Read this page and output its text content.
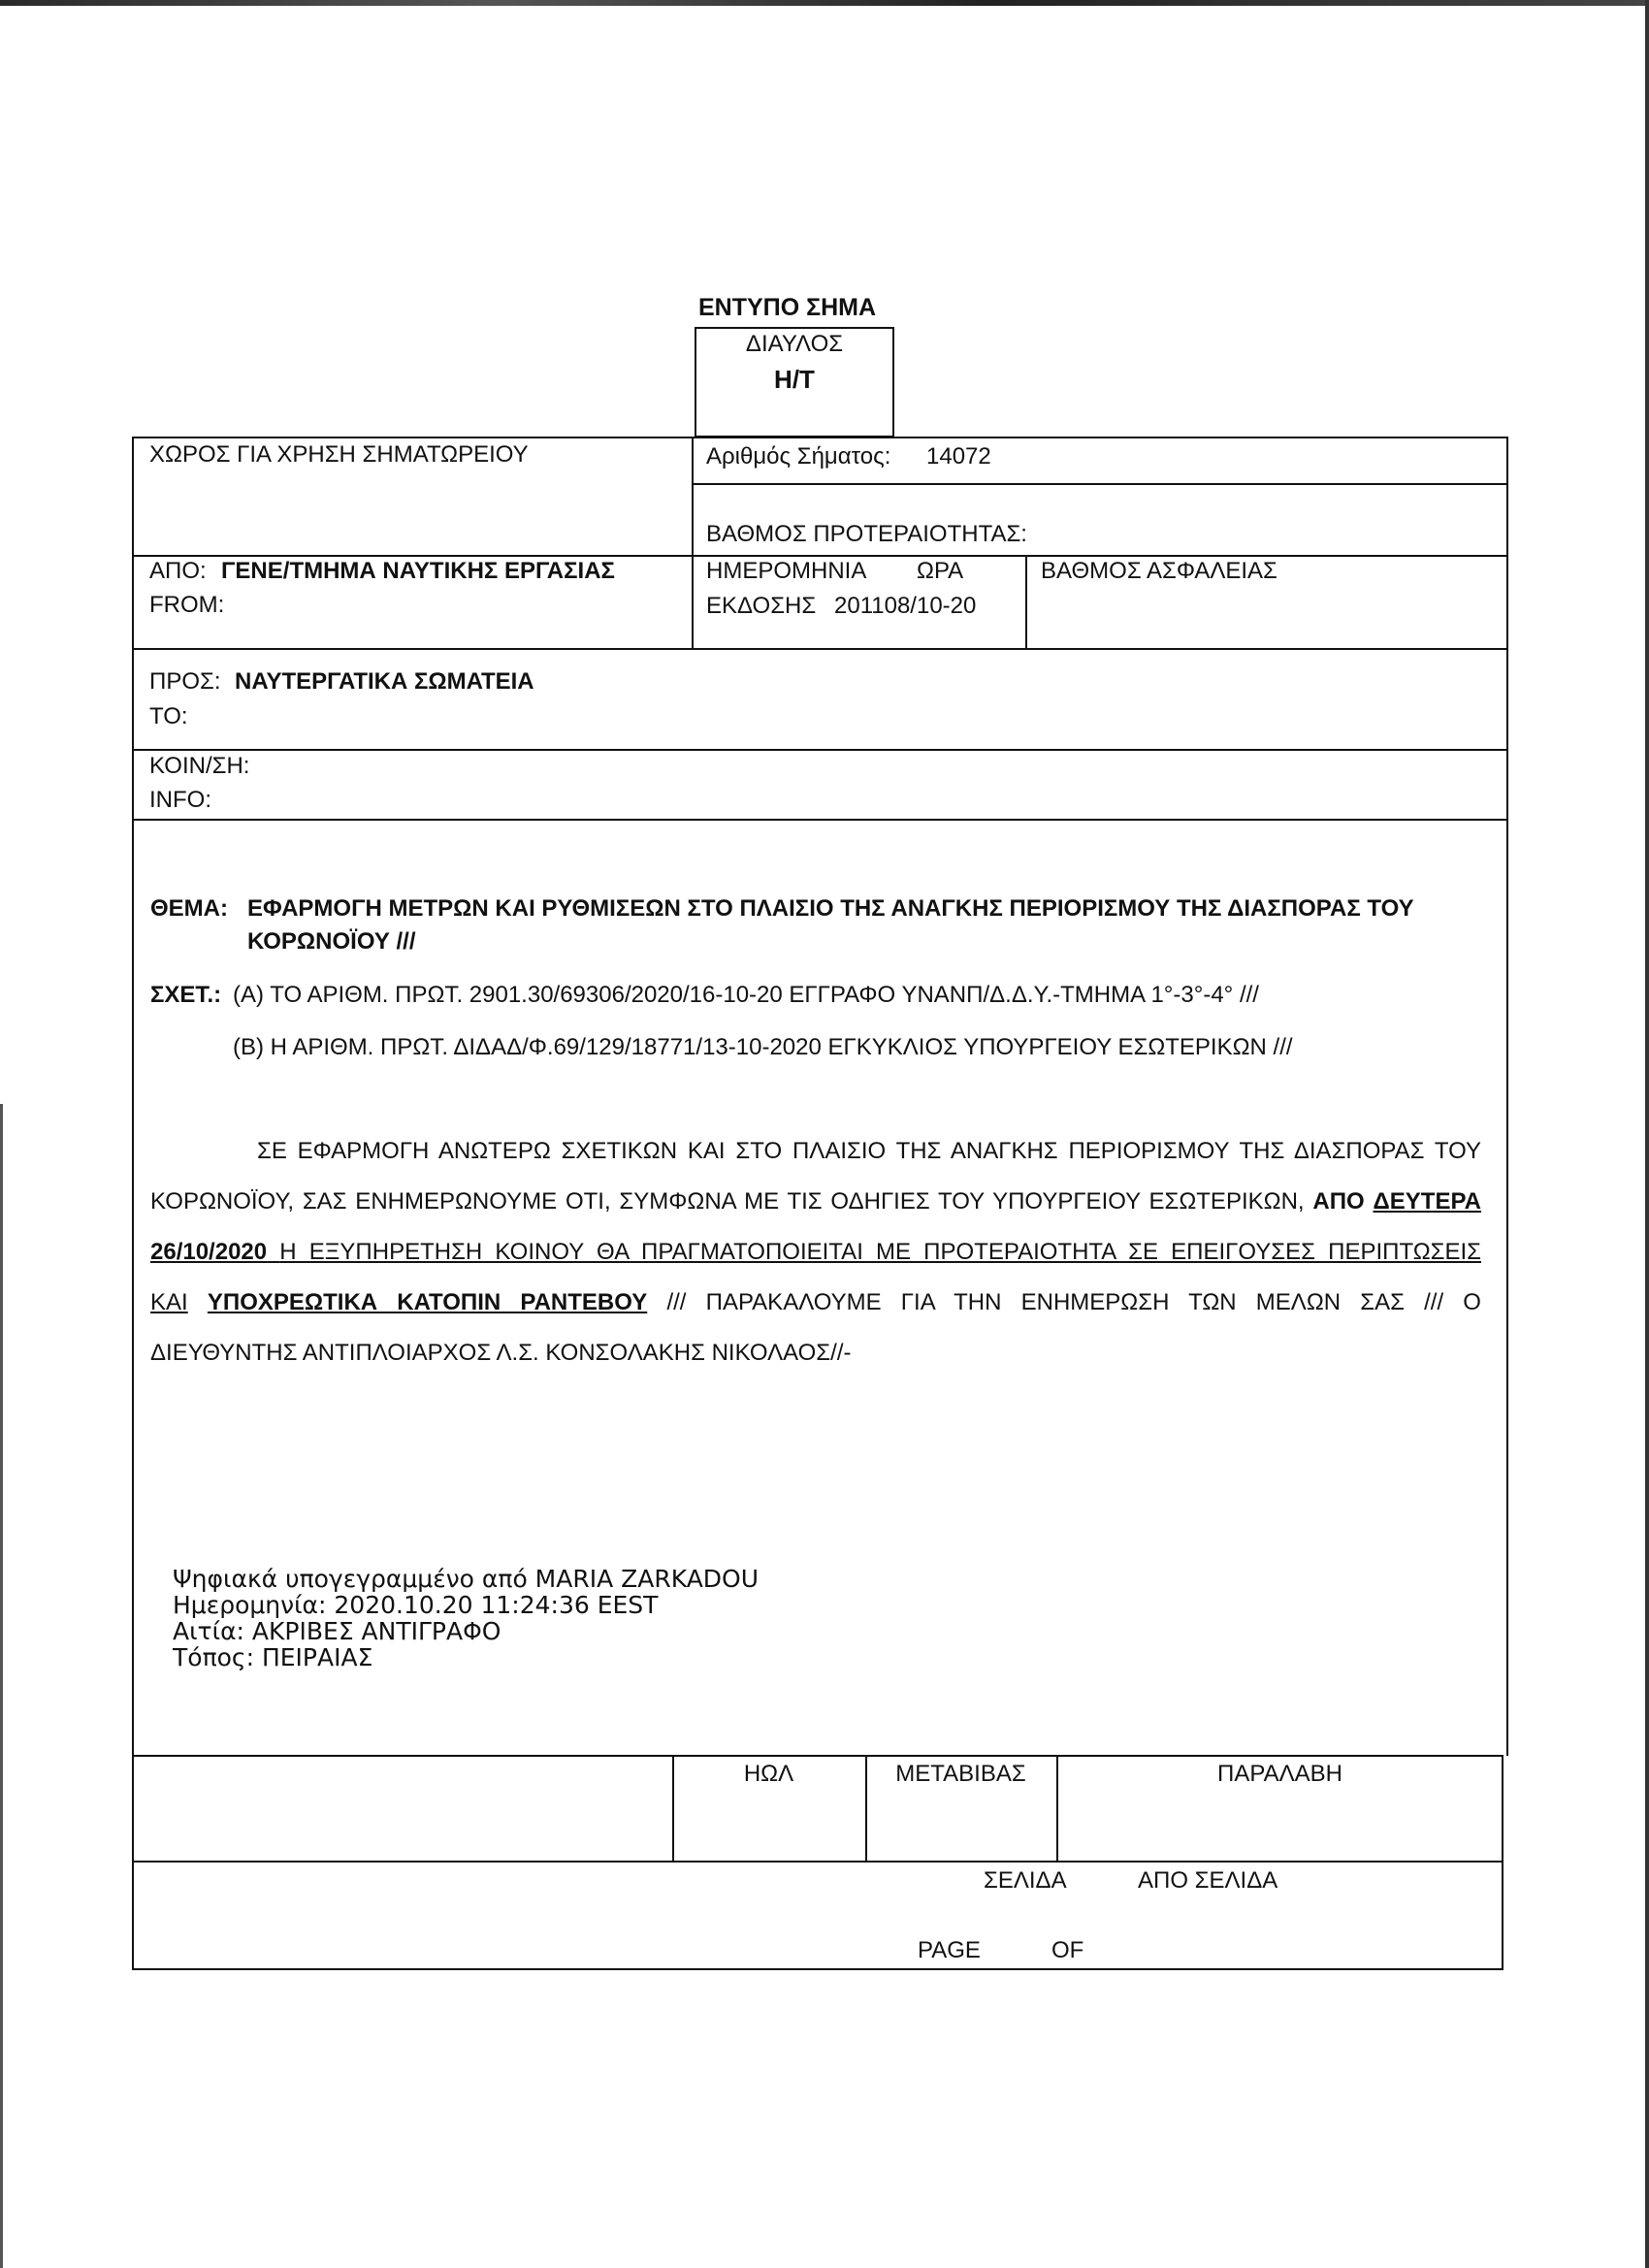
ΕΝΤΥΠΟ ΣΗΜΑ
ΔΙΑΥΛΟΣ
Η/Τ
ΧΩΡΟΣ ΓΙΑ ΧΡΗΣΗ ΣΗΜΑΤΩΡΕΙΟΥ	Αριθμός Σήματος: 14072
ΒΑΘΜΟΣ ΠΡΟΤΕΡΑΙΟΤΗΤΑΣ:
ΑΠΟ: ΓΕΝΕ/ΤΜΗΜΑ ΝΑΥΤΙΚΗΣ ΕΡΓΑΣΙΑΣ
FROM:
ΗΜΕΡΟΜΗΝΙΑ ΩΡΑ
ΕΚΔΟΣΗΣ 201108/10-20
ΒΑΘΜΟΣ ΑΣΦΑΛΕΙΑΣ
ΠΡΟΣ: ΝΑΥΤΕΡΓΑΤΙΚΑ ΣΩΜΑΤΕΙΑ
TO:
ΚΟΙΝ/ΣΗ:
INFO:
ΘΕΜΑ: ΕΦΑΡΜΟΓΗ ΜΕΤΡΩΝ ΚΑΙ ΡΥΘΜΙΣΕΩΝ ΣΤΟ ΠΛΑΙΣΙΟ ΤΗΣ ΑΝΑΓΚΗΣ ΠΕΡΙΟΡΙΣΜΟΥ ΤΗΣ ΔΙΑΣΠΟΡΑΣ ΤΟΥ
ΚΟΡΩΝΟΪΟΥ ///
ΣΧΕΤ.: (Α) ΤΟ ΑΡΙΘΜ. ΠΡΩΤ. 2901.30/69306/2020/16-10-20 ΕΓΓΡΑΦΟ ΥΝΑΝΠ/Δ.Δ.Υ.-ΤΜΗΜΑ 1°-3°-4° ///
(Β) Η ΑΡΙΘΜ. ΠΡΩΤ. ΔΙΔΑΔ/Φ.69/129/18771/13-10-2020 ΕΓΚΥΚΛΙΟΣ ΥΠΟΥΡΓΕΙΟΥ ΕΣΩΤΕΡΙΚΩΝ ///
ΣΕ ΕΦΑΡΜΟΓΗ ΑΝΩΤΕΡΩ ΣΧΕΤΙΚΩΝ ΚΑΙ ΣΤΟ ΠΛΑΙΣΙΟ ΤΗΣ ΑΝΑΓΚΗΣ ΠΕΡΙΟΡΙΣΜΟΥ ΤΗΣ ΔΙΑΣΠΟΡΑΣ ΤΟΥ
ΚΟΡΩΝΟΪΟΥ, ΣΑΣ ΕΝΗΜΕΡΩΝΟΥΜΕ ΟΤΙ, ΣΥΜΦΩΝΑ ΜΕ ΤΙΣ ΟΔΗΓΙΕΣ ΤΟΥ ΥΠΟΥΡΓΕΙΟΥ ΕΣΩΤΕΡΙΚΩΝ, ΑΠΟ ΔΕΥΤΕΡΑ
26/10/2020 Η ΕΞΥΠΗΡΕΤΗΣΗ ΚΟΙΝΟΥ ΘΑ ΠΡΑΓΜΑΤΟΠΟΙΕΙΤΑΙ ΜΕ ΠΡΟΤΕΡΑΙΟΤΗΤΑ ΣΕ ΕΠΕΙΓΟΥΣΕΣ ΠΕΡΙΠΤΩΣΕΙΣ
ΚΑΙ ΥΠΟΧΡΕΩΤΙΚΑ ΚΑΤΟΠΙΝ ΡΑΝΤΕΒΟΥ /// ΠΑΡΑΚΑΛΟΥΜΕ ΓΙΑ ΤΗΝ ΕΝΗΜΕΡΩΣΗ ΤΩΝ ΜΕΛΩΝ ΣΑΣ /// Ο
ΔΙΕΥΘΥΝΤΗΣ ΑΝΤΙΠΛΟΙΑΡΧΟΣ Λ.Σ. ΚΟΝΣΟΛΑΚΗΣ ΝΙΚΟΛΑΟΣ//-
Ψηφιακά υπογεγραμμένο από MARIA ZARKADOU
Ημερομηνία: 2020.10.20 11:24:36 EEST
Αιτία: ΑΚΡΙΒΕΣ ΑΝΤΙΓΡΑΦΟ
Τόπος: ΠΕΙΡΑΙΑΣ
ΗΩΛ	ΜΕΤΑΒΙΒΑΣ	ΠΑΡΑΛΑΒΗ
ΣΕΛΙΔΑ	ΑΠΟ ΣΕΛΙΔΑ
PAGE	OF
